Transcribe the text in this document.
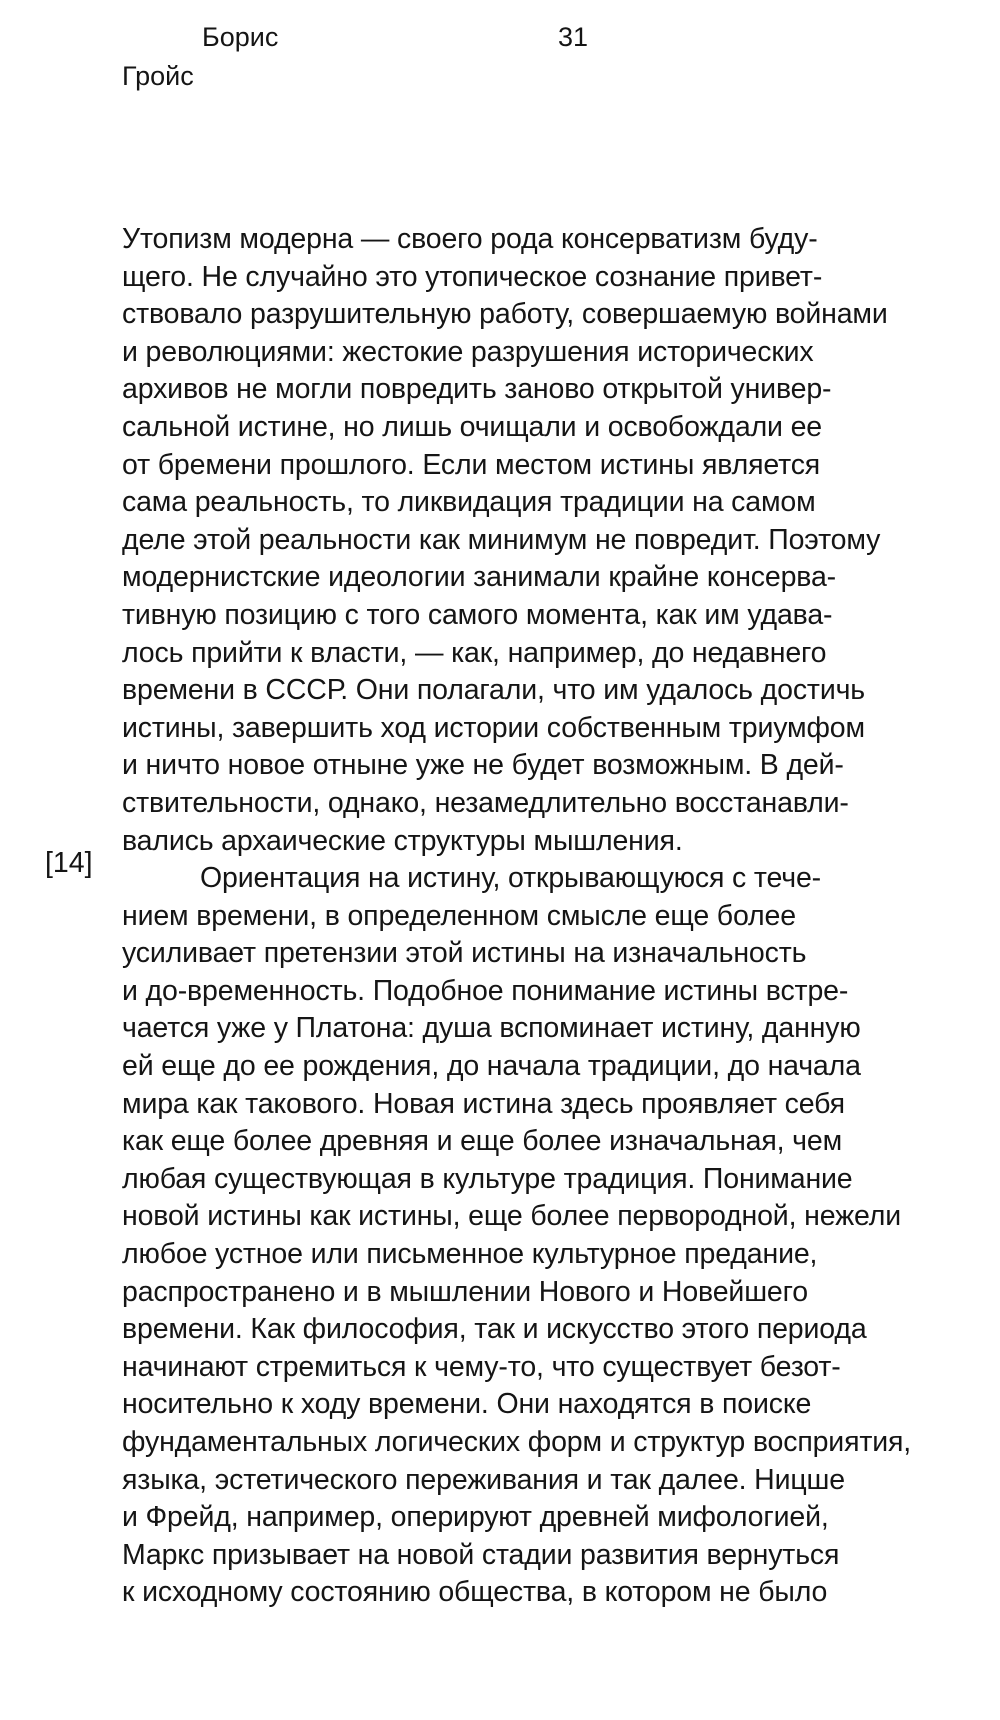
Борис
Гройс
31
[14]
Утопизм модерна — своего рода консерватизм буду-
щего. Не случайно это утопическое сознание привет-
ствовало разрушительную работу, совершаемую войнами
и революциями: жестокие разрушения исторических
архивов не могли повредить заново открытой универ-
сальной истине, но лишь очищали и освобождали ее
от бремени прошлого. Если местом истины является
сама реальность, то ликвидация традиции на самом
деле этой реальности как минимум не повредит. Поэтому
модернистские идеологии занимали крайне консерва-
тивную позицию с того самого момента, как им удава-
лось прийти к власти, — как, например, до недавнего
времени в СССР. Они полагали, что им удалось достичь
истины, завершить ход истории собственным триумфом
и ничто новое отныне уже не будет возможным. В дей-
ствительности, однако, незамедлительно восстанавли-
вались архаические структуры мышления.
Ориентация на истину, открывающуюся с тече-
нием времени, в определенном смысле еще более
усиливает претензии этой истины на изначальность
и до-временность. Подобное понимание истины встре-
чается уже у Платона: душа вспоминает истину, данную
ей еще до ее рождения, до начала традиции, до начала
мира как такового. Новая истина здесь проявляет себя
как еще более древняя и еще более изначальная, чем
любая существующая в культуре традиция. Понимание
новой истины как истины, еще более первородной, нежели
любое устное или письменное культурное предание,
распространено и в мышлении Нового и Новейшего
времени. Как философия, так и искусство этого периода
начинают стремиться к чему-то, что существует безот-
носительно к ходу времени. Они находятся в поиске
фундаментальных логических форм и структур восприятия,
языка, эстетического переживания и так далее. Ницше
и Фрейд, например, оперируют древней мифологией,
Маркс призывает на новой стадии развития вернуться
к исходному состоянию общества, в котором не было
